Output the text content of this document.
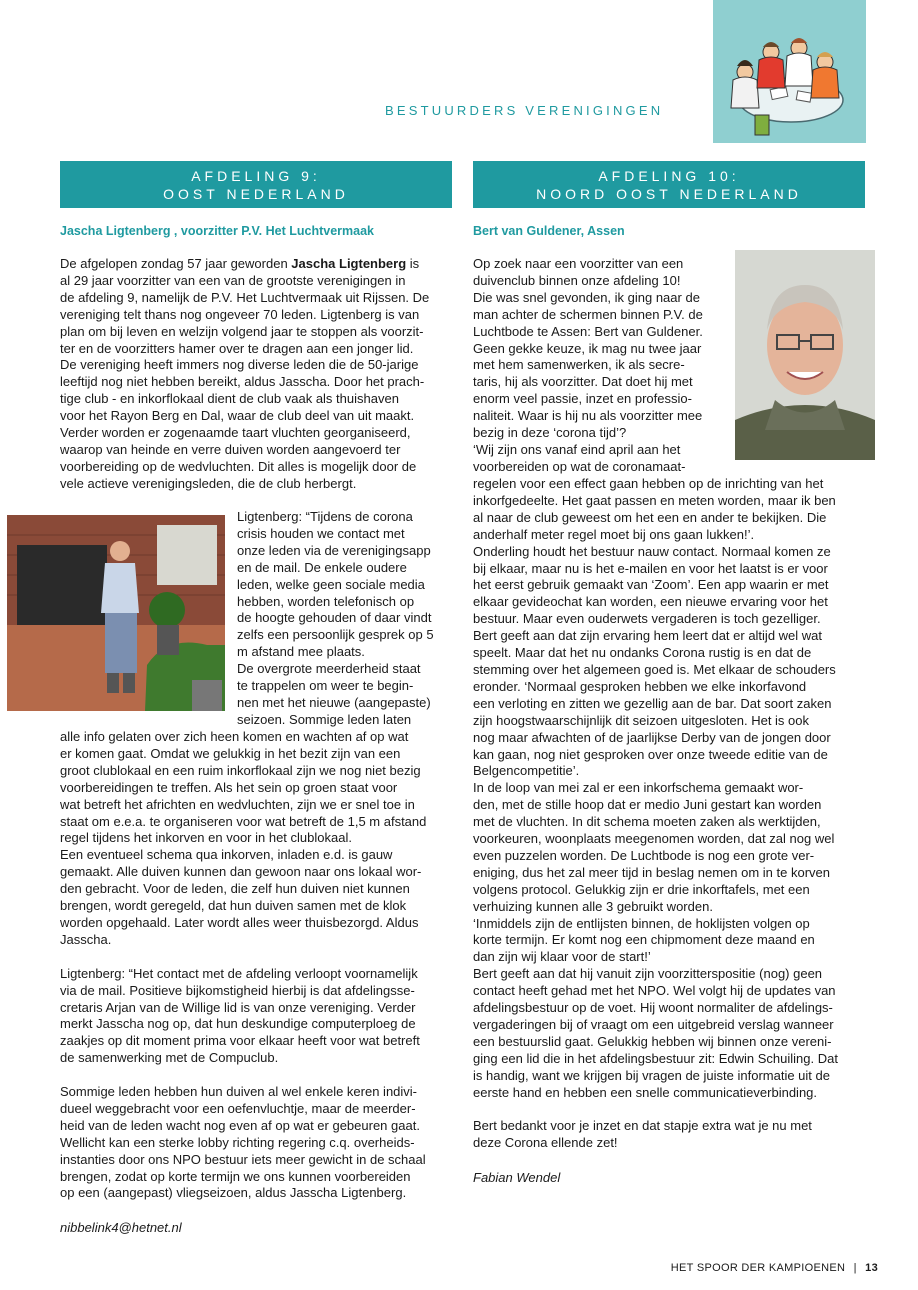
BESTUURDERS VERENIGINGEN
AFDELING 9:
OOST NEDERLAND
Jascha Ligtenberg , voorzitter P.V. Het Luchtvermaak

De afgelopen zondag 57 jaar geworden Jascha Ligtenberg is

al 29 jaar voorzitter van een van de grootste verenigingen in

de afdeling 9, namelijk de P.V. Het Luchtvermaak uit Rijssen. De

vereniging telt thans nog ongeveer 70 leden. Ligtenberg is van

plan om bij leven en welzijn volgend jaar te stoppen als voorzit-

ter en de voorzitters hamer over te dragen aan een jonger lid.

De vereniging heeft immers nog diverse leden die de 50-jarige

leeftijd nog niet hebben bereikt, aldus Jasscha. Door het prach-

tige club - en inkorflokaal dient de club vaak als thuishaven

voor het Rayon Berg en Dal, waar de club deel van uit maakt.

Verder worden er zogenaamde taart vluchten georganiseerd,

waarop van heinde en verre duiven worden aangevoerd ter

voorbereiding op de wedvluchten. Dit alles is mogelijk door de

vele actieve verenigingsleden, die de club herbergt.

Ligtenberg: “Tijdens de corona

crisis houden we contact met

onze leden via de verenigingsapp

en de mail. De enkele oudere

leden, welke geen sociale media

hebben, worden telefonisch op

de hoogte gehouden of daar vindt

zelfs een persoonlijk gesprek op 5

m afstand mee plaats.

De overgrote meerderheid staat

te trappelen om weer te begin-

nen met het nieuwe (aangepaste)

seizoen. Sommige leden laten

alle info gelaten over zich heen komen en wachten af op wat

er komen gaat. Omdat we gelukkig in het bezit zijn van een

groot clublokaal en een ruim inkorflokaal zijn we nog niet bezig

voorbereidingen te treffen. Als het sein op groen staat voor

wat betreft het africhten en wedvluchten, zijn we er snel toe in

staat om e.e.a. te organiseren voor wat betreft de 1,5 m afstand

regel tijdens het inkorven en voor in het clublokaal.

Een eventueel schema qua inkorven, inladen e.d. is gauw

gemaakt. Alle duiven kunnen dan gewoon naar ons lokaal wor-

den gebracht. Voor de leden, die zelf hun duiven niet kunnen

brengen, wordt geregeld, dat hun duiven samen met de klok

worden opgehaald. Later wordt alles weer thuisbezorgd. Aldus

Jasscha.

Ligtenberg: “Het contact met de afdeling verloopt voornamelijk

via de mail. Positieve bijkomstigheid hierbij is dat afdelingsse-

cretaris Arjan van de Willige lid is van onze vereniging. Verder

merkt Jasscha nog op, dat hun deskundige computerploeg de

zaakjes op dit moment prima voor elkaar heeft voor wat betreft

de samenwerking met de Compuclub.

Sommige leden hebben hun duiven al wel enkele keren indivi-

dueel weggebracht voor een oefenvluchtje, maar de meerder-

heid van de leden wacht nog even af op wat er gebeuren gaat.

Wellicht kan een sterke lobby richting regering c.q. overheids-

instanties door ons NPO bestuur iets meer gewicht in de schaal

brengen, zodat op korte termijn we ons kunnen voorbereiden

op een (aangepast) vliegseizoen, aldus Jasscha Ligtenberg.

nibbelink4@hetnet.nl
AFDELING 10:
NOORD OOST NEDERLAND
Bert van Guldener, Assen

Op zoek naar een voorzitter van een

duivenclub binnen onze afdeling 10!

Die was snel gevonden, ik ging naar de

man achter de schermen binnen P.V. de

Luchtbode te Assen: Bert van Guldener.

Geen gekke keuze, ik mag nu twee jaar

met hem samenwerken, ik als secre-

taris, hij als voorzitter. Dat doet hij met

enorm veel passie, inzet en professio-

naliteit. Waar is hij nu als voorzitter mee

bezig in deze ‘corona tijd’?

‘Wij zijn ons vanaf eind april aan het

voorbereiden op wat de coronamaat-

regelen voor een effect gaan hebben op de inrichting van het

inkorfgedeelte. Het gaat passen en meten worden, maar ik ben

al naar de club geweest om het een en ander te bekijken. Die

anderhalf meter regel moet bij ons gaan lukken!’.

Onderling houdt het bestuur nauw contact. Normaal komen ze

bij elkaar, maar nu is het e-mailen en voor het laatst is er voor

het eerst gebruik gemaakt van ‘Zoom’. Een app waarin er met

elkaar gevideochat kan worden, een nieuwe ervaring voor het

bestuur. Maar even ouderwets vergaderen is toch gezelliger.

Bert geeft aan dat zijn ervaring hem leert dat er altijd wel wat

speelt. Maar dat het nu ondanks Corona rustig is en dat de

stemming over het algemeen goed is. Met elkaar de schouders

eronder. ‘Normaal gesproken hebben we elke inkorfavond

een verloting en zitten we gezellig aan de bar. Dat soort zaken

zijn hoogstwaarschijnlijk dit seizoen uitgesloten. Het is ook

nog maar afwachten of de jaarlijkse Derby van de jongen door

kan gaan, nog niet gesproken over onze tweede editie van de

Belgencompetitie’.

In de loop van mei zal er een inkorfschema gemaakt wor-

den, met de stille hoop dat er medio Juni gestart kan worden

met de vluchten. In dit schema moeten zaken als werktijden,

voorkeuren, woonplaats meegenomen worden, dat zal nog wel

even puzzelen worden. De Luchtbode is nog een grote ver-

eniging, dus het zal meer tijd in beslag nemen om in te korven

volgens protocol. Gelukkig zijn er drie inkorftafels, met een

verhuizing kunnen alle 3 gebruikt worden.

‘Inmiddels zijn de entlijsten binnen, de hoklijsten volgen op

korte termijn. Er komt nog een chipmoment deze maand en

dan zijn wij klaar voor de start!’

Bert geeft aan dat hij vanuit zijn voorzitterspositie (nog) geen

contact heeft gehad met het NPO. Wel volgt hij de updates van

afdelingsbestuur op de voet. Hij woont normaliter de afdelings-

vergaderingen bij of vraagt om een uitgebreid verslag wanneer

een bestuurslid gaat. Gelukkig hebben wij binnen onze vereni-

ging een lid die in het afdelingsbestuur zit: Edwin Schuiling. Dat

is handig, want we krijgen bij vragen de juiste informatie uit de

eerste hand en hebben een snelle communicatieverbinding.

Bert bedankt voor je inzet en dat stapje extra wat je nu met

deze Corona ellende zet!

Fabian Wendel
HET SPOOR DER KAMPIOENEN | 13
